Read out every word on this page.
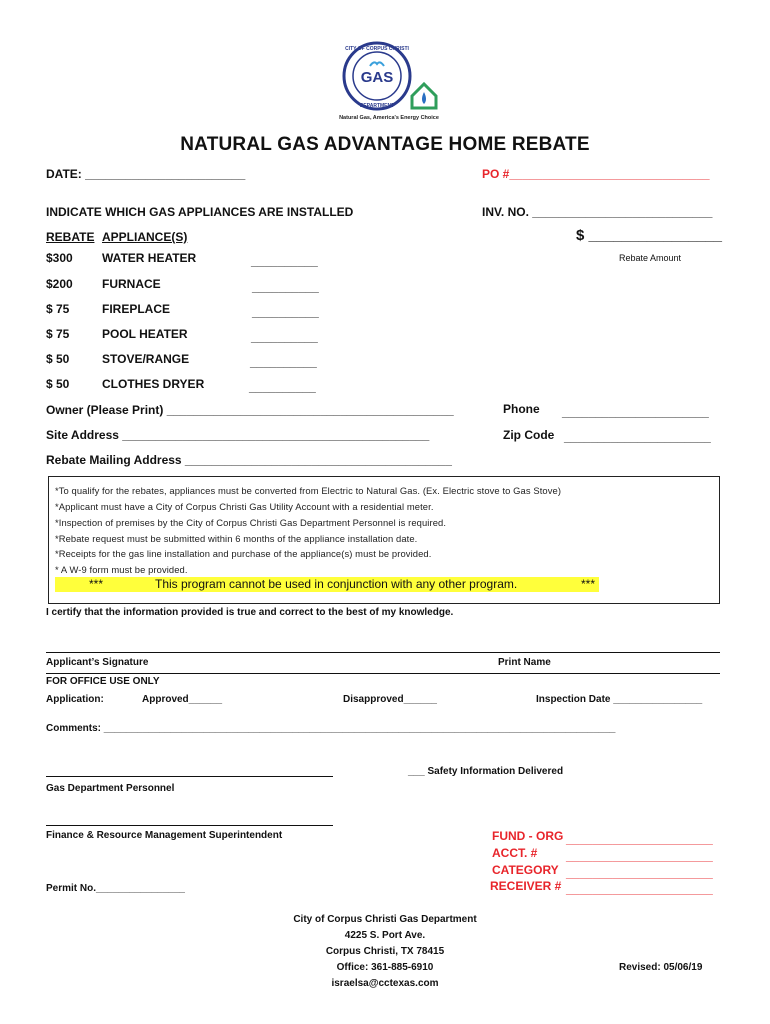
GAS
CITY OF CORPUS CHRISTI
DEPARTMENT
Natural Gas, America's Energy Choice
NATURAL GAS ADVANTAGE HOME REBATE
DATE: ________________________	PO #______________________________
INDICATE WHICH GAS APPLIANCES ARE INSTALLED	INV. NO. ___________________________
$ ________________
Rebate Amount
REBATE APPLIANCE(S)
$300 WATER HEATER	__________
$200 FURNACE	__________
$ 75	FIREPLACE	__________
$ 75	POOL HEATER	__________
$ 50	STOVE/RANGE	__________
$ 50	CLOTHES DRYER	__________
Owner (Please Print) ___________________________________________	Phone ______________________
Site Address ______________________________________________	Zip Code ______________________
Rebate Mailing Address ________________________________________
*To qualify for the rebates, appliances must be converted from Electric to Natural Gas. (Ex. Electric stove to Gas Stove)
*Applicant must have a City of Corpus Christi Gas Utility Account with a residential meter.
*Inspection of premises by the City of Corpus Christi Gas Department Personnel is required.
*Rebate request must be submitted within 6 months of the appliance installation date.
*Receipts for the gas line installation and purchase of the appliance(s) must be provided.
* A W-9 form must be provided.
***	This program cannot be used in conjunction with any other program.	***
I certify that the information provided is true and correct to the best of my knowledge.
Applicant’s Signature	Print Name
FOR OFFICE USE ONLY
Application:	Approved______	Disapproved______	Inspection Date ________________
Comments: ____________________________________________________________________________________________
___ Safety Information Delivered
Gas Department Personnel
Finance & Resource Management Superintendent	FUND - ORG ______________________
ACCT. # ______________________
CATEGORY ______________________
RECEIVER # ______________________
Permit No.________________
City of Corpus Christi Gas Department
4225 S. Port Ave.
Corpus Christi, TX 78415
Office: 361-885-6910
israelsa@cctexas.com
Revised: 05/06/19
